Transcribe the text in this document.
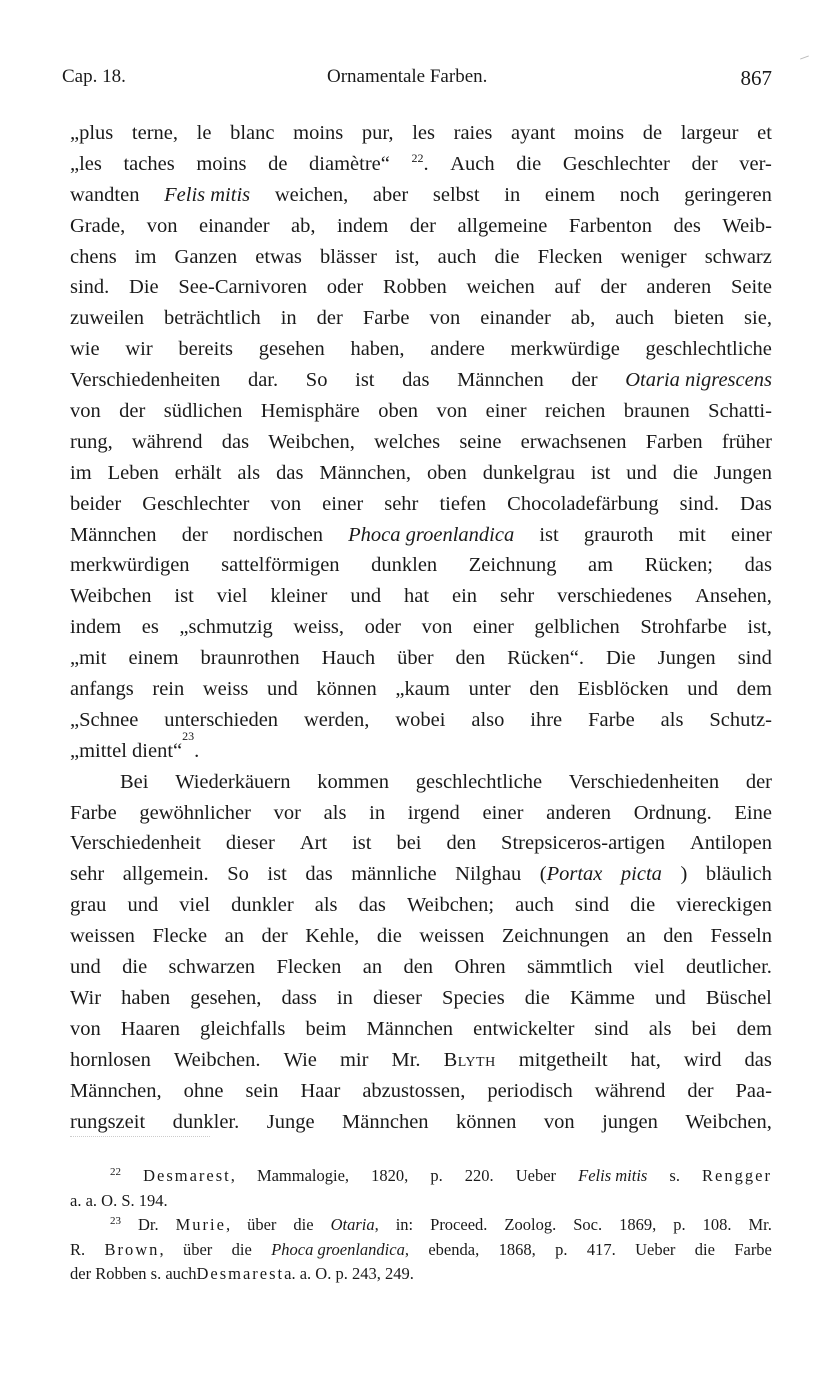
Cap. 18.	Ornamentale Farben.	867
„plus terne, le blanc moins pur, les raies ayant moins de largeur et
„les taches moins de diamètre“ $^{22}$. Auch die Geschlechter der ver-
wandten Felis mitis weichen, aber selbst in einem noch geringeren
Grade, von einander ab, indem der allgemeine Farbenton des Weib-
chens im Ganzen etwas blässer ist, auch die Flecken weniger schwarz
sind. Die See-Carnivoren oder Robben weichen auf der anderen Seite
zuweilen beträchtlich in der Farbe von einander ab, auch bieten sie,
wie wir bereits gesehen haben, andere merkwürdige geschlechtliche
Verschiedenheiten dar. So ist das Männchen der Otaria nigrescens
von der südlichen Hemisphäre oben von einer reichen braunen Schatti-
rung, während das Weibchen, welches seine erwachsenen Farben früher
im Leben erhält als das Männchen, oben dunkelgrau ist und die Jungen
beider Geschlechter von einer sehr tiefen Chocoladefärbung sind. Das
Männchen der nordischen Phoca groenlandica ist grauroth mit einer
merkwürdigen sattelförmigen dunklen Zeichnung am Rücken; das
Weibchen ist viel kleiner und hat ein sehr verschiedenes Ansehen,
indem es „schmutzig weiss, oder von einer gelblichen Strohfarbe ist,
„mit einem braunrothen Hauch über den Rücken“. Die Jungen sind
anfangs rein weiss und können „kaum unter den Eisblöcken und dem
„Schnee unterschieden werden, wobei also ihre Farbe als Schutz-
„mittel dient“
23
.
Bei Wiederkäuern kommen geschlechtliche Verschiedenheiten der
Farbe gewöhnlicher vor als in irgend einer anderen Ordnung. Eine
Verschiedenheit dieser Art ist bei den Strepsiceros-artigen Antilopen
sehr allgemein. So ist das männliche Nilghau (Portax picta ) bläulich
grau und viel dunkler als das Weibchen; auch sind die viereckigen
weissen Flecke an der Kehle, die weissen Zeichnungen an den Fesseln
und die schwarzen Flecken an den Ohren sämmtlich viel deutlicher.
Wir haben gesehen, dass in dieser Species die Kämme und Büschel
von Haaren gleichfalls beim Männchen entwickelter sind als bei dem
hornlosen Weibchen. Wie mir Mr. Blyth mitgetheilt hat, wird das
Männchen, ohne sein Haar abzustossen, periodisch während der Paa-
rungszeit dunkler. Junge Männchen können von jungen Weibchen,
$^{22}$ Desmarest, Mammalogie, 1820, p. 220. Ueber Felis mitis s. Rengger
a. a. O. S. 194.
$^{23}$ Dr. Murie, über die Otaria, in: Proceed. Zoolog. Soc. 1869, p. 108. Mr.
R. Brown, über die Phoca groenlandica, ebenda, 1868, p. 417. Ueber die Farbe
der Robben s. auch Desmarest a. a. O. p. 243, 249.
